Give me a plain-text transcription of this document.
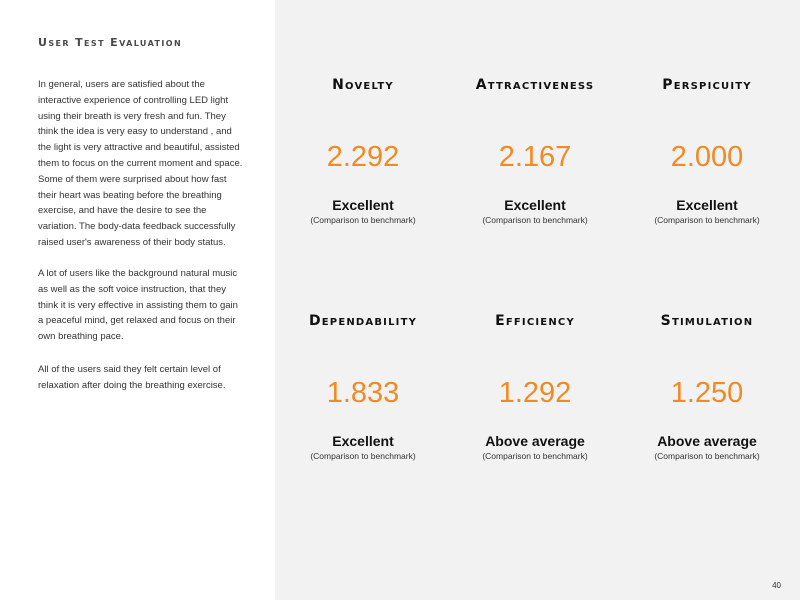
User Test Evaluation

In general, users are satisfied about the interactive experience of controlling LED light using their breath is very fresh and fun. They think the idea is very easy to understand , and the light is very attractive and beautiful, assisted them to focus on the current moment and space. Some of them were surprised about how fast their heart was beating before the breathing exercise, and have the desire to see the variation. The body-data feedback successfully raised user's awareness of their body status.

A lot of users like the background natural music as well as the soft voice instruction, that they think it is very effective in assisting them to gain a peaceful mind, get relaxed and focus on their own breathing pace.

All of the users said they felt certain level of relaxation after doing the breathing exercise.

Novelty
2.292
Excellent
(Comparison to benchmark)
Attractiveness
2.167
Excellent
(Comparison to benchmark)
Perspicuity
2.000
Excellent
(Comparison to benchmark)
Dependability
1.833
Excellent
(Comparison to benchmark)
Efficiency
1.292
Above average
(Comparison to benchmark)
Stimulation
1.250
Above average
(Comparison to benchmark)
40
